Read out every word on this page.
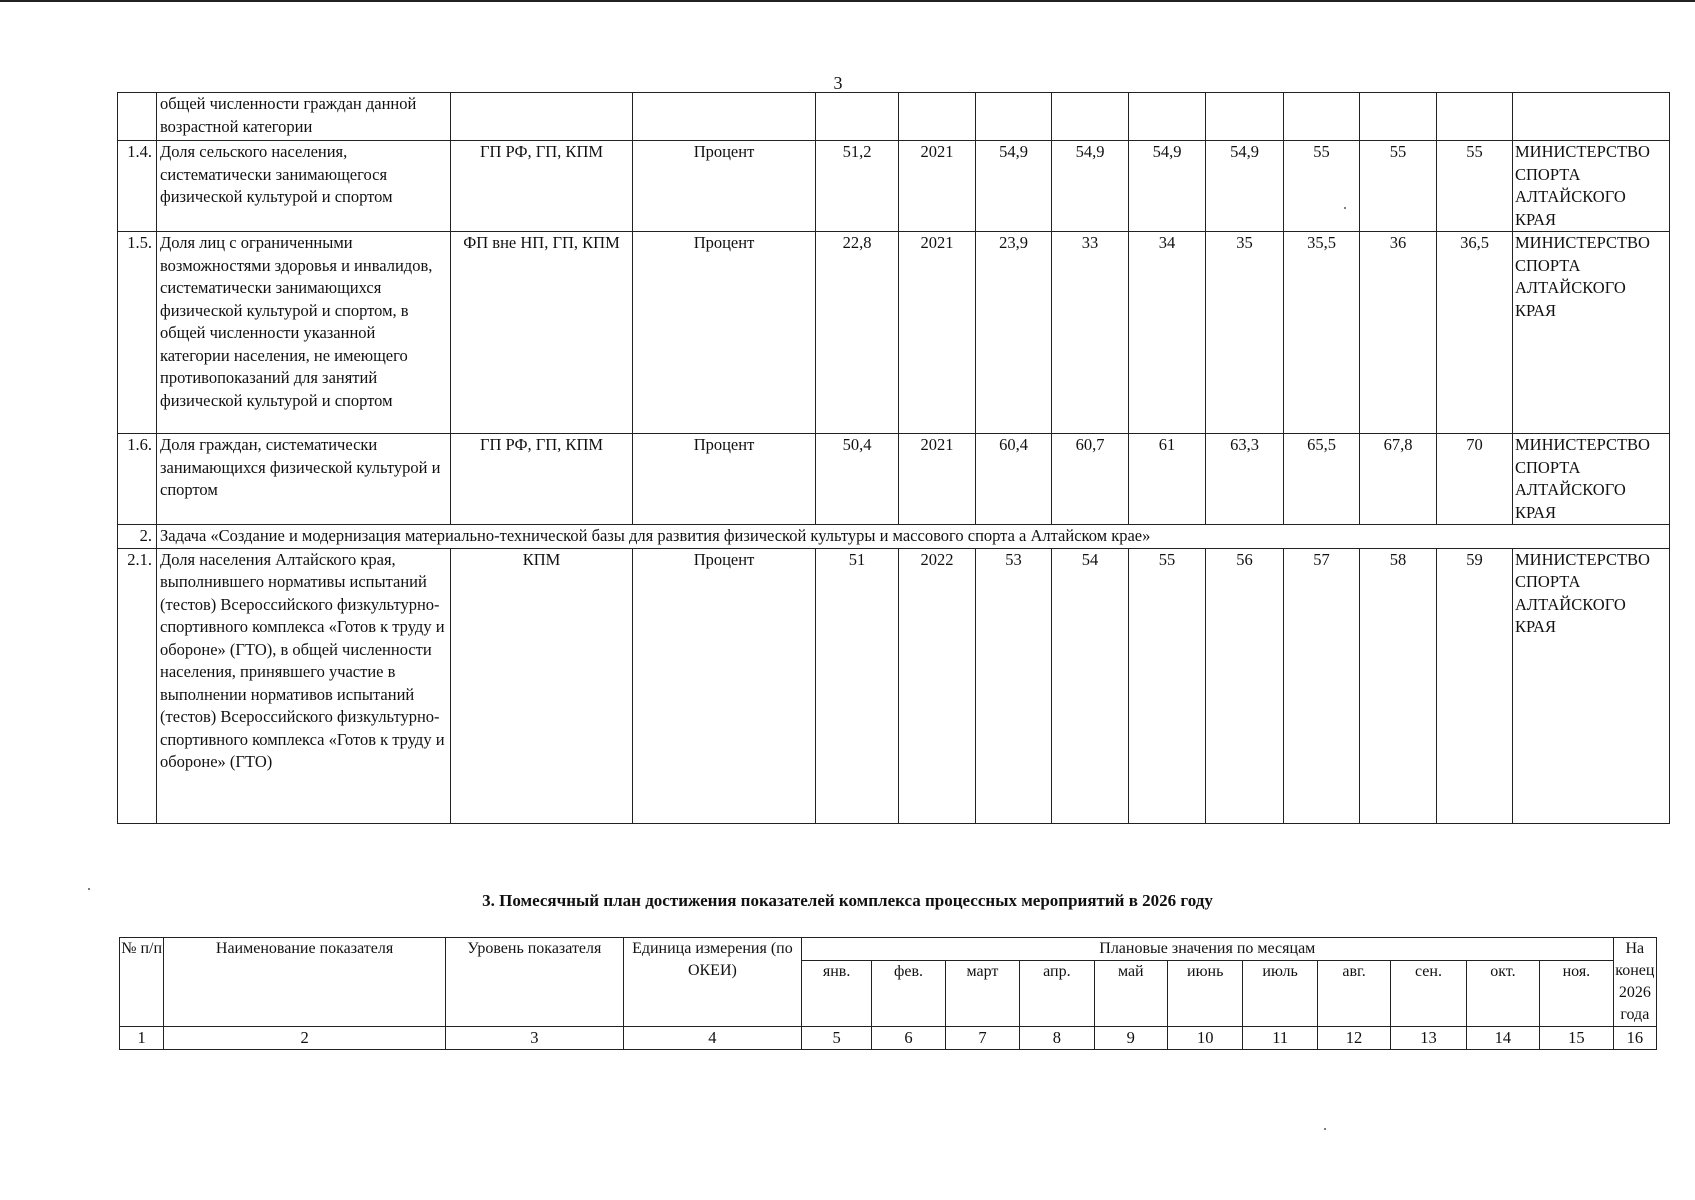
3
	общей численности граждан данной возрастной категории												
1.4.	Доля сельского населения, систематически занимающегося физической культурой и спортом	ГП РФ, ГП, КПМ	Процент	51,2	2021	54,9	54,9	54,9	54,9	55	55	55	МИНИСТЕРСТВО СПОРТА АЛТАЙСКОГО КРАЯ
1.5.	Доля лиц с ограниченными возможностями здоровья и инвалидов, систематически занимающихся физической культурой и спортом, в общей численности указанной категории населения, не имеющего противопоказаний для занятий физической культурой и спортом	ФП вне НП, ГП, КПМ	Процент	22,8	2021	23,9	33	34	35	35,5	36	36,5	МИНИСТЕРСТВО СПОРТА АЛТАЙСКОГО КРАЯ
1.6.	Доля граждан, систематически занимающихся физической культурой и спортом	ГП РФ, ГП, КПМ	Процент	50,4	2021	60,4	60,7	61	63,3	65,5	67,8	70	МИНИСТЕРСТВО СПОРТА АЛТАЙСКОГО КРАЯ
2.	Задача «Создание и модернизация материально-технической базы для развития физической культуры и массового спорта а Алтайском крае»												
2.1.	Доля населения Алтайского края, выполнившего нормативы испытаний (тестов) Всероссийского физкультурно-спортивного комплекса «Готов к труду и обороне» (ГТО), в общей численности населения, принявшего участие в выполнении нормативов испытаний (тестов) Всероссийского физкультурно-спортивного комплекса «Готов к труду и обороне» (ГТО)	КПМ	Процент	51	2022	53	54	55	56	57	58	59	МИНИСТЕРСТВО СПОРТА АЛТАЙСКОГО КРАЯ
3. Помесячный план достижения показателей комплекса процессных мероприятий в 2026 году
№ п/п	Наименование показателя	Уровень показателя	Единица измерения (по ОКЕИ)	Плановые значения по месяцам											На конец 2026 года
				янв.	фев.	март	апр.	май	июнь	июль	авг.	сен.	окт.	ноя.	
1	2	3	4	5	6	7	8	9	10	11	12	13	14	15	16
